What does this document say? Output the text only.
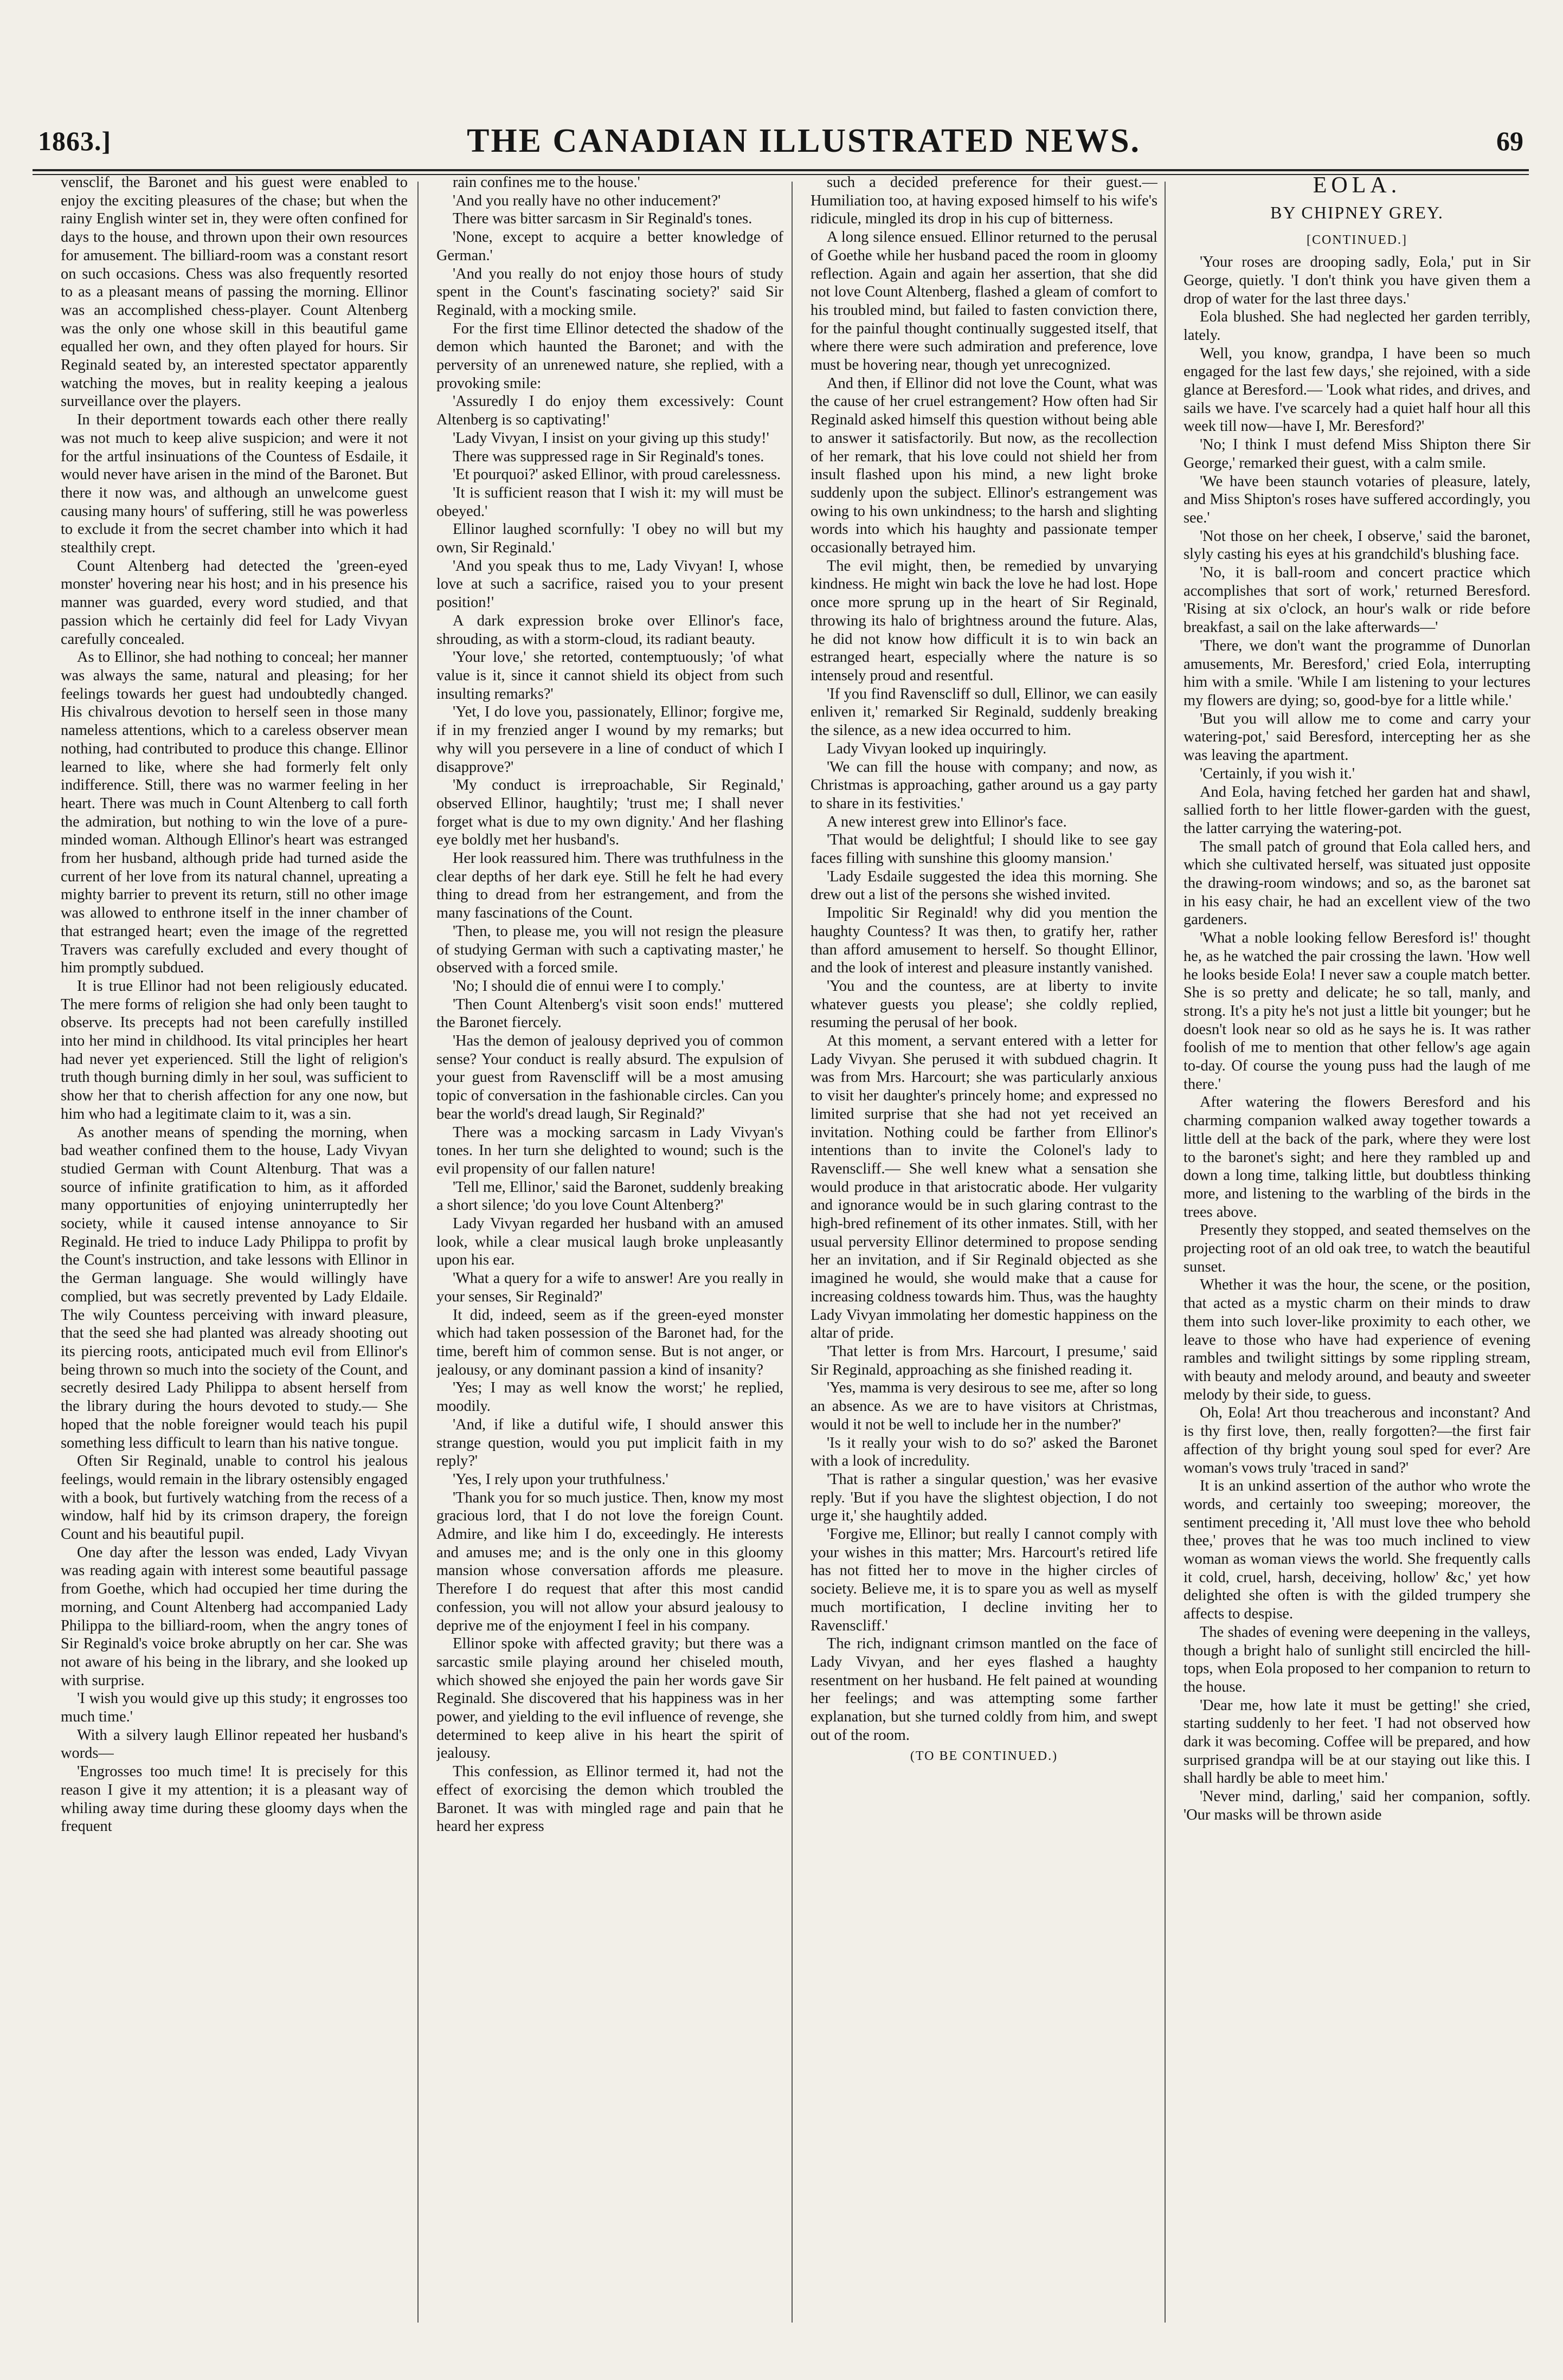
1863.]	THE CANADIAN ILLUSTRATED NEWS.	69

vensclif, the Baronet and his guest were enabled to enjoy the exciting pleasures of the chase; but when the rainy English winter set in, they were often confined for days to the house, and thrown upon their own resources for amusement. The billiard-room was a constant resort on such occasions. Chess was also frequently resorted to as a pleasant means of passing the morning. Ellinor was an accomplished chess-player. Count Altenberg was the only one whose skill in this beautiful game equalled her own, and they often played for hours. Sir Reginald seated by, an interested spectator apparently watching the moves, but in reality keeping a jealous surveillance over the players.

In their deportment towards each other there really was not much to keep alive suspicion; and were it not for the artful insinuations of the Countess of Esdaile, it would never have arisen in the mind of the Baronet. But there it now was, and although an unwelcome guest causing many hours' of suffering, still he was powerless to exclude it from the secret chamber into which it had stealthily crept.

Count Altenberg had detected the 'green-eyed monster' hovering near his host; and in his presence his manner was guarded, every word studied, and that passion which he certainly did feel for Lady Vivyan carefully concealed.

As to Ellinor, she had nothing to conceal; her manner was always the same, natural and pleasing; for her feelings towards her guest had undoubtedly changed. His chivalrous devotion to herself seen in those many nameless attentions, which to a careless observer mean nothing, had contributed to produce this change. Ellinor learned to like, where she had formerly felt only indifference. Still, there was no warmer feeling in her heart. There was much in Count Altenberg to call forth the admiration, but nothing to win the love of a pure-minded woman. Although Ellinor's heart was estranged from her husband, although pride had turned aside the current of her love from its natural channel, upreating a mighty barrier to prevent its return, still no other image was allowed to enthrone itself in the inner chamber of that estranged heart; even the image of the regretted Travers was carefully excluded and every thought of him promptly subdued.

It is true Ellinor had not been religiously educated. The mere forms of religion she had only been taught to observe. Its precepts had not been carefully instilled into her mind in childhood. Its vital principles her heart had never yet experienced. Still the light of religion's truth though burning dimly in her soul, was sufficient to show her that to cherish affection for any one now, but him who had a legitimate claim to it, was a sin.

As another means of spending the morning, when bad weather confined them to the house, Lady Vivyan studied German with Count Altenburg. That was a source of infinite gratification to him, as it afforded many opportunities of enjoying uninterruptedly her society, while it caused intense annoyance to Sir Reginald. He tried to induce Lady Philippa to profit by the Count's instruction, and take lessons with Ellinor in the German language. She would willingly have complied, but was secretly prevented by Lady Eldaile. The wily Countess perceiving with inward pleasure, that the seed she had planted was already shooting out its piercing roots, anticipated much evil from Ellinor's being thrown so much into the society of the Count, and secretly desired Lady Philippa to absent herself from the library during the hours devoted to study.— She hoped that the noble foreigner would teach his pupil something less difficult to learn than his native tongue.

Often Sir Reginald, unable to control his jealous feelings, would remain in the library ostensibly engaged with a book, but furtively watching from the recess of a window, half hid by its crimson drapery, the foreign Count and his beautiful pupil.

One day after the lesson was ended, Lady Vivyan was reading again with interest some beautiful passage from Goethe, which had occupied her time during the morning, and Count Altenberg had accompanied Lady Philippa to the billiard-room, when the angry tones of Sir Reginald's voice broke abruptly on her car. She was not aware of his being in the library, and she looked up with surprise.

'I wish you would give up this study; it engrosses too much time.'

With a silvery laugh Ellinor repeated her husband's words—

'Engrosses too much time! It is precisely for this reason I give it my attention; it is a pleasant way of whiling away time during these gloomy days when the frequent

rain confines me to the house.'

'And you really have no other inducement?'

There was bitter sarcasm in Sir Reginald's tones.

'None, except to acquire a better knowledge of German.'

'And you really do not enjoy those hours of study spent in the Count's fascinating society?' said Sir Reginald, with a mocking smile.

For the first time Ellinor detected the shadow of the demon which haunted the Baronet; and with the perversity of an unrenewed nature, she replied, with a provoking smile:

'Assuredly I do enjoy them excessively: Count Altenberg is so captivating!'

'Lady Vivyan, I insist on your giving up this study!'

There was suppressed rage in Sir Reginald's tones.

'Et pourquoi?' asked Ellinor, with proud carelessness.

'It is sufficient reason that I wish it: my will must be obeyed.'

Ellinor laughed scornfully: 'I obey no will but my own, Sir Reginald.'

'And you speak thus to me, Lady Vivyan! I, whose love at such a sacrifice, raised you to your present position!'

A dark expression broke over Ellinor's face, shrouding, as with a storm-cloud, its radiant beauty.

'Your love,' she retorted, contemptuously; 'of what value is it, since it cannot shield its object from such insulting remarks?'

'Yet, I do love you, passionately, Ellinor; forgive me, if in my frenzied anger I wound by my remarks; but why will you persevere in a line of conduct of which I disapprove?'

'My conduct is irreproachable, Sir Reginald,' observed Ellinor, haughtily; 'trust me; I shall never forget what is due to my own dignity.' And her flashing eye boldly met her husband's.

Her look reassured him. There was truthfulness in the clear depths of her dark eye. Still he felt he had every thing to dread from her estrangement, and from the many fascinations of the Count.

'Then, to please me, you will not resign the pleasure of studying German with such a captivating master,' he observed with a forced smile.

'No; I should die of ennui were I to comply.'

'Then Count Altenberg's visit soon ends!' muttered the Baronet fiercely.

'Has the demon of jealousy deprived you of common sense? Your conduct is really absurd. The expulsion of your guest from Ravenscliff will be a most amusing topic of conversation in the fashionable circles. Can you bear the world's dread laugh, Sir Reginald?'

There was a mocking sarcasm in Lady Vivyan's tones. In her turn she delighted to wound; such is the evil propensity of our fallen nature!

'Tell me, Ellinor,' said the Baronet, suddenly breaking a short silence; 'do you love Count Altenberg?'

Lady Vivyan regarded her husband with an amused look, while a clear musical laugh broke unpleasantly upon his ear.

'What a query for a wife to answer! Are you really in your senses, Sir Reginald?'

It did, indeed, seem as if the green-eyed monster which had taken possession of the Baronet had, for the time, bereft him of common sense. But is not anger, or jealousy, or any dominant passion a kind of insanity?

'Yes; I may as well know the worst;' he replied, moodily.

'And, if like a dutiful wife, I should answer this strange question, would you put implicit faith in my reply?'

'Yes, I rely upon your truthfulness.'

'Thank you for so much justice. Then, know my most gracious lord, that I do not love the foreign Count. Admire, and like him I do, exceedingly. He interests and amuses me; and is the only one in this gloomy mansion whose conversation affords me pleasure. Therefore I do request that after this most candid confession, you will not allow your absurd jealousy to deprive me of the enjoyment I feel in his company.

Ellinor spoke with affected gravity; but there was a sarcastic smile playing around her chiseled mouth, which showed she enjoyed the pain her words gave Sir Reginald. She discovered that his happiness was in her power, and yielding to the evil influence of revenge, she determined to keep alive in his heart the spirit of jealousy.

This confession, as Ellinor termed it, had not the effect of exorcising the demon which troubled the Baronet. It was with mingled rage and pain that he heard her express

such a decided preference for their guest.— Humiliation too, at having exposed himself to his wife's ridicule, mingled its drop in his cup of bitterness.

A long silence ensued. Ellinor returned to the perusal of Goethe while her husband paced the room in gloomy reflection. Again and again her assertion, that she did not love Count Altenberg, flashed a gleam of comfort to his troubled mind, but failed to fasten conviction there, for the painful thought continually suggested itself, that where there were such admiration and preference, love must be hovering near, though yet unrecognized.

And then, if Ellinor did not love the Count, what was the cause of her cruel estrangement? How often had Sir Reginald asked himself this question without being able to answer it satisfactorily. But now, as the recollection of her remark, that his love could not shield her from insult flashed upon his mind, a new light broke suddenly upon the subject. Ellinor's estrangement was owing to his own unkindness; to the harsh and slighting words into which his haughty and passionate temper occasionally betrayed him.

The evil might, then, be remedied by unvarying kindness. He might win back the love he had lost. Hope once more sprung up in the heart of Sir Reginald, throwing its halo of brightness around the future. Alas, he did not know how difficult it is to win back an estranged heart, especially where the nature is so intensely proud and resentful.

'If you find Ravenscliff so dull, Ellinor, we can easily enliven it,' remarked Sir Reginald, suddenly breaking the silence, as a new idea occurred to him.

Lady Vivyan looked up inquiringly.

'We can fill the house with company; and now, as Christmas is approaching, gather around us a gay party to share in its festivities.'

A new interest grew into Ellinor's face.

'That would be delightful; I should like to see gay faces filling with sunshine this gloomy mansion.'

'Lady Esdaile suggested the idea this morning. She drew out a list of the persons she wished invited.

Impolitic Sir Reginald! why did you mention the haughty Countess? It was then, to gratify her, rather than afford amusement to herself. So thought Ellinor, and the look of interest and pleasure instantly vanished.

'You and the countess, are at liberty to invite whatever guests you please'; she coldly replied, resuming the perusal of her book.

At this moment, a servant entered with a letter for Lady Vivyan. She perused it with subdued chagrin. It was from Mrs. Harcourt; she was particularly anxious to visit her daughter's princely home; and expressed no limited surprise that she had not yet received an invitation. Nothing could be farther from Ellinor's intentions than to invite the Colonel's lady to Ravenscliff.— She well knew what a sensation she would produce in that aristocratic abode. Her vulgarity and ignorance would be in such glaring contrast to the high-bred refinement of its other inmates. Still, with her usual perversity Ellinor determined to propose sending her an invitation, and if Sir Reginald objected as she imagined he would, she would make that a cause for increasing coldness towards him. Thus, was the haughty Lady Vivyan immolating her domestic happiness on the altar of pride.

'That letter is from Mrs. Harcourt, I presume,' said Sir Reginald, approaching as she finished reading it.

'Yes, mamma is very desirous to see me, after so long an absence. As we are to have visitors at Christmas, would it not be well to include her in the number?'

'Is it really your wish to do so?' asked the Baronet with a look of incredulity.

'That is rather a singular question,' was her evasive reply. 'But if you have the slightest objection, I do not urge it,' she haughtily added.

'Forgive me, Ellinor; but really I cannot comply with your wishes in this matter; Mrs. Harcourt's retired life has not fitted her to move in the higher circles of society. Believe me, it is to spare you as well as myself much mortification, I decline inviting her to Ravenscliff.'

The rich, indignant crimson mantled on the face of Lady Vivyan, and her eyes flashed a haughty resentment on her husband. He felt pained at wounding her feelings; and was attempting some farther explanation, but she turned coldly from him, and swept out of the room.

(TO BE CONTINUED.)
EOLA.
BY CHIPNEY GREY.
[CONTINUED.]

'Your roses are drooping sadly, Eola,' put in Sir George, quietly. 'I don't think you have given them a drop of water for the last three days.'

Eola blushed. She had neglected her garden terribly, lately.

Well, you know, grandpa, I have been so much engaged for the last few days,' she rejoined, with a side glance at Beresford.— 'Look what rides, and drives, and sails we have. I've scarcely had a quiet half hour all this week till now—have I, Mr. Beresford?'

'No; I think I must defend Miss Shipton there Sir George,' remarked their guest, with a calm smile.

'We have been staunch votaries of pleasure, lately, and Miss Shipton's roses have suffered accordingly, you see.'

'Not those on her cheek, I observe,' said the baronet, slyly casting his eyes at his grandchild's blushing face.

'No, it is ball-room and concert practice which accomplishes that sort of work,' returned Beresford. 'Rising at six o'clock, an hour's walk or ride before breakfast, a sail on the lake afterwards—'

'There, we don't want the programme of Dunorlan amusements, Mr. Beresford,' cried Eola, interrupting him with a smile. 'While I am listening to your lectures my flowers are dying; so, good-bye for a little while.'

'But you will allow me to come and carry your watering-pot,' said Beresford, intercepting her as she was leaving the apartment.

'Certainly, if you wish it.'

And Eola, having fetched her garden hat and shawl, sallied forth to her little flower-garden with the guest, the latter carrying the watering-pot.

The small patch of ground that Eola called hers, and which she cultivated herself, was situated just opposite the drawing-room windows; and so, as the baronet sat in his easy chair, he had an excellent view of the two gardeners.

'What a noble looking fellow Beresford is!' thought he, as he watched the pair crossing the lawn. 'How well he looks beside Eola! I never saw a couple match better. She is so pretty and delicate; he so tall, manly, and strong. It's a pity he's not just a little bit younger; but he doesn't look near so old as he says he is. It was rather foolish of me to mention that other fellow's age again to-day. Of course the young puss had the laugh of me there.'

After watering the flowers Beresford and his charming companion walked away together towards a little dell at the back of the park, where they were lost to the baronet's sight; and here they rambled up and down a long time, talking little, but doubtless thinking more, and listening to the warbling of the birds in the trees above.

Presently they stopped, and seated themselves on the projecting root of an old oak tree, to watch the beautiful sunset.

Whether it was the hour, the scene, or the position, that acted as a mystic charm on their minds to draw them into such lover-like proximity to each other, we leave to those who have had experience of evening rambles and twilight sittings by some rippling stream, with beauty and melody around, and beauty and sweeter melody by their side, to guess.

Oh, Eola! Art thou treacherous and inconstant? And is thy first love, then, really forgotten?—the first fair affection of thy bright young soul sped for ever? Are woman's vows truly 'traced in sand?'

It is an unkind assertion of the author who wrote the words, and certainly too sweeping; moreover, the sentiment preceding it, 'All must love thee who behold thee,' proves that he was too much inclined to view woman as woman views the world. She frequently calls it cold, cruel, harsh, deceiving, hollow' &c,' yet how delighted she often is with the gilded trumpery she affects to despise.

The shades of evening were deepening in the valleys, though a bright halo of sunlight still encircled the hill-tops, when Eola proposed to her companion to return to the house.

'Dear me, how late it must be getting!' she cried, starting suddenly to her feet. 'I had not observed how dark it was becoming. Coffee will be prepared, and how surprised grandpa will be at our staying out like this. I shall hardly be able to meet him.'

'Never mind, darling,' said her companion, softly. 'Our masks will be thrown aside
